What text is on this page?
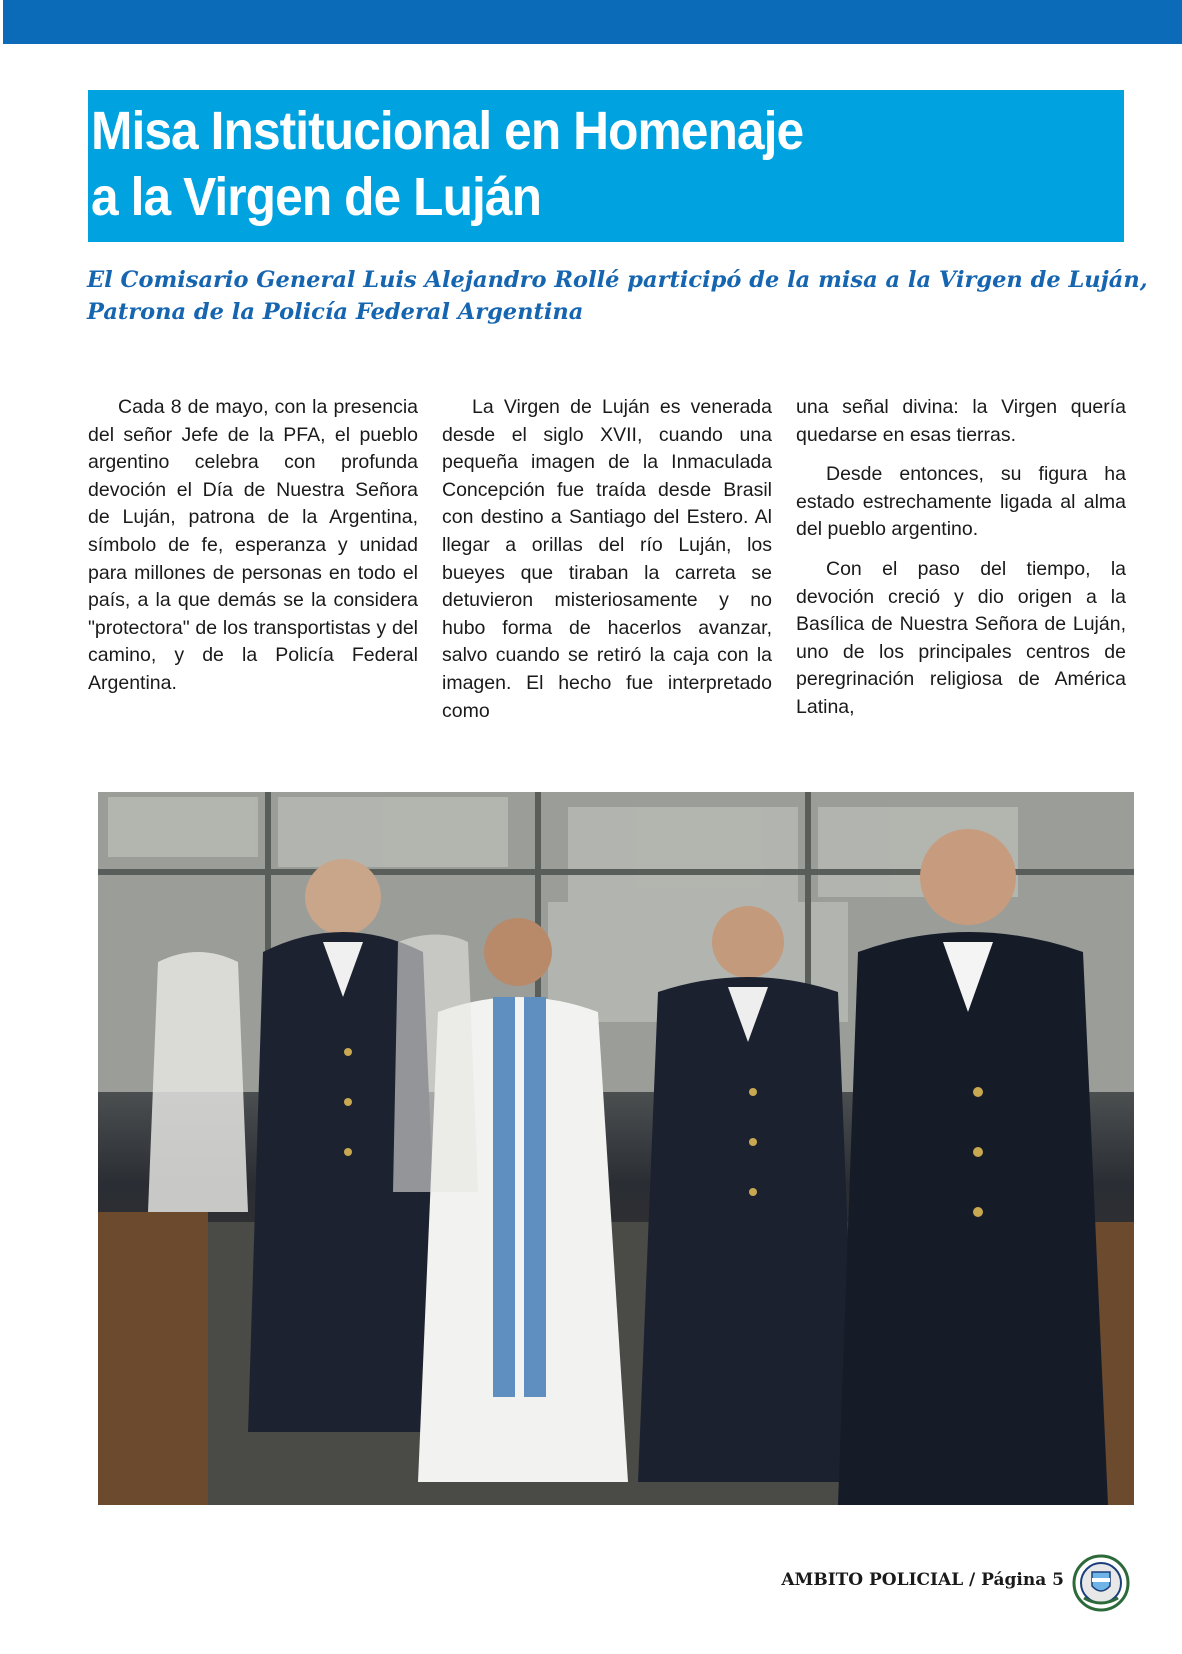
Misa Institucional en Homenaje
a la Virgen de Luján
El Comisario General Luis Alejandro Rollé participó de la misa a la Virgen de Luján,
Patrona de la Policía Federal Argentina

Cada 8 de mayo, con la presencia del señor Jefe de la PFA, el pueblo argentino celebra con profunda devoción el Día de Nuestra Señora de Luján, patrona de la Argentina, símbolo de fe, esperanza y unidad para millones de personas en todo el país, a la que demás se la considera "protectora" de los transportistas y del camino, y de la Policía Federal Argentina.

La Virgen de Luján es venerada desde el siglo XVII, cuando una pequeña imagen de la Inmaculada Concepción fue traída desde Brasil con destino a Santiago del Estero. Al llegar a orillas del río Luján, los bueyes que tiraban la carreta se detuvieron misteriosamente y no hubo forma de hacerlos avanzar, salvo cuando se retiró la caja con la imagen. El hecho fue interpretado como

una señal divina: la Virgen quería quedarse en esas tierras.

Desde entonces, su figura ha estado estrechamente ligada al alma del pueblo argentino.

Con el paso del tiempo, la devoción creció y dio origen a la Basílica de Nuestra Señora de Luján, uno de los principales centros de peregrinación religiosa de América Latina,

AMBITO POLICIAL / Página 5
